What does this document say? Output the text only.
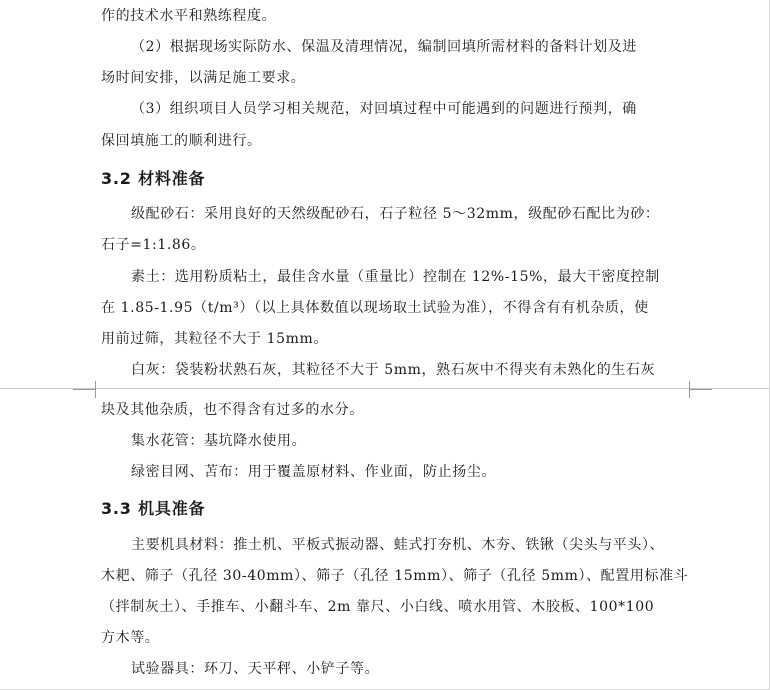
作的技术水平和熟练程度。
（2）根据现场实际防水、保温及清理情况，编制回填所需材料的备料计划及进
场时间安排，以满足施工要求。
（3）组织项目人员学习相关规范，对回填过程中可能遇到的问题进行预判，确
保回填施工的顺利进行。
3.2 材料准备
级配砂石：采用良好的天然级配砂石，石子粒径 5～32mm，级配砂石配比为砂：
石子=1:1.86。
素土：选用粉质粘土，最佳含水量（重量比）控制在 12%-15%，最大干密度控制
在 1.85-1.95（t/m³）（以上具体数值以现场取土试验为准），不得含有有机杂质，使
用前过筛，其粒径不大于 15mm。
白灰：袋装粉状熟石灰，其粒径不大于 5mm，熟石灰中不得夹有未熟化的生石灰
块及其他杂质，也不得含有过多的水分。
集水花管：基坑降水使用。
绿密目网、苫布：用于覆盖原材料、作业面，防止扬尘。
3.3 机具准备
主要机具材料：推土机、平板式振动器、蛙式打夯机、木夯、铁锹（尖头与平头）、
木耙、筛子（孔径 30-40mm）、筛子（孔径 15mm）、筛子（孔径 5mm）、配置用标准斗
（拌制灰土）、手推车、小翻斗车、2m 靠尺、小白线、喷水用管、木胶板、100*100
方木等。
试验器具：环刀、天平秤、小铲子等。
